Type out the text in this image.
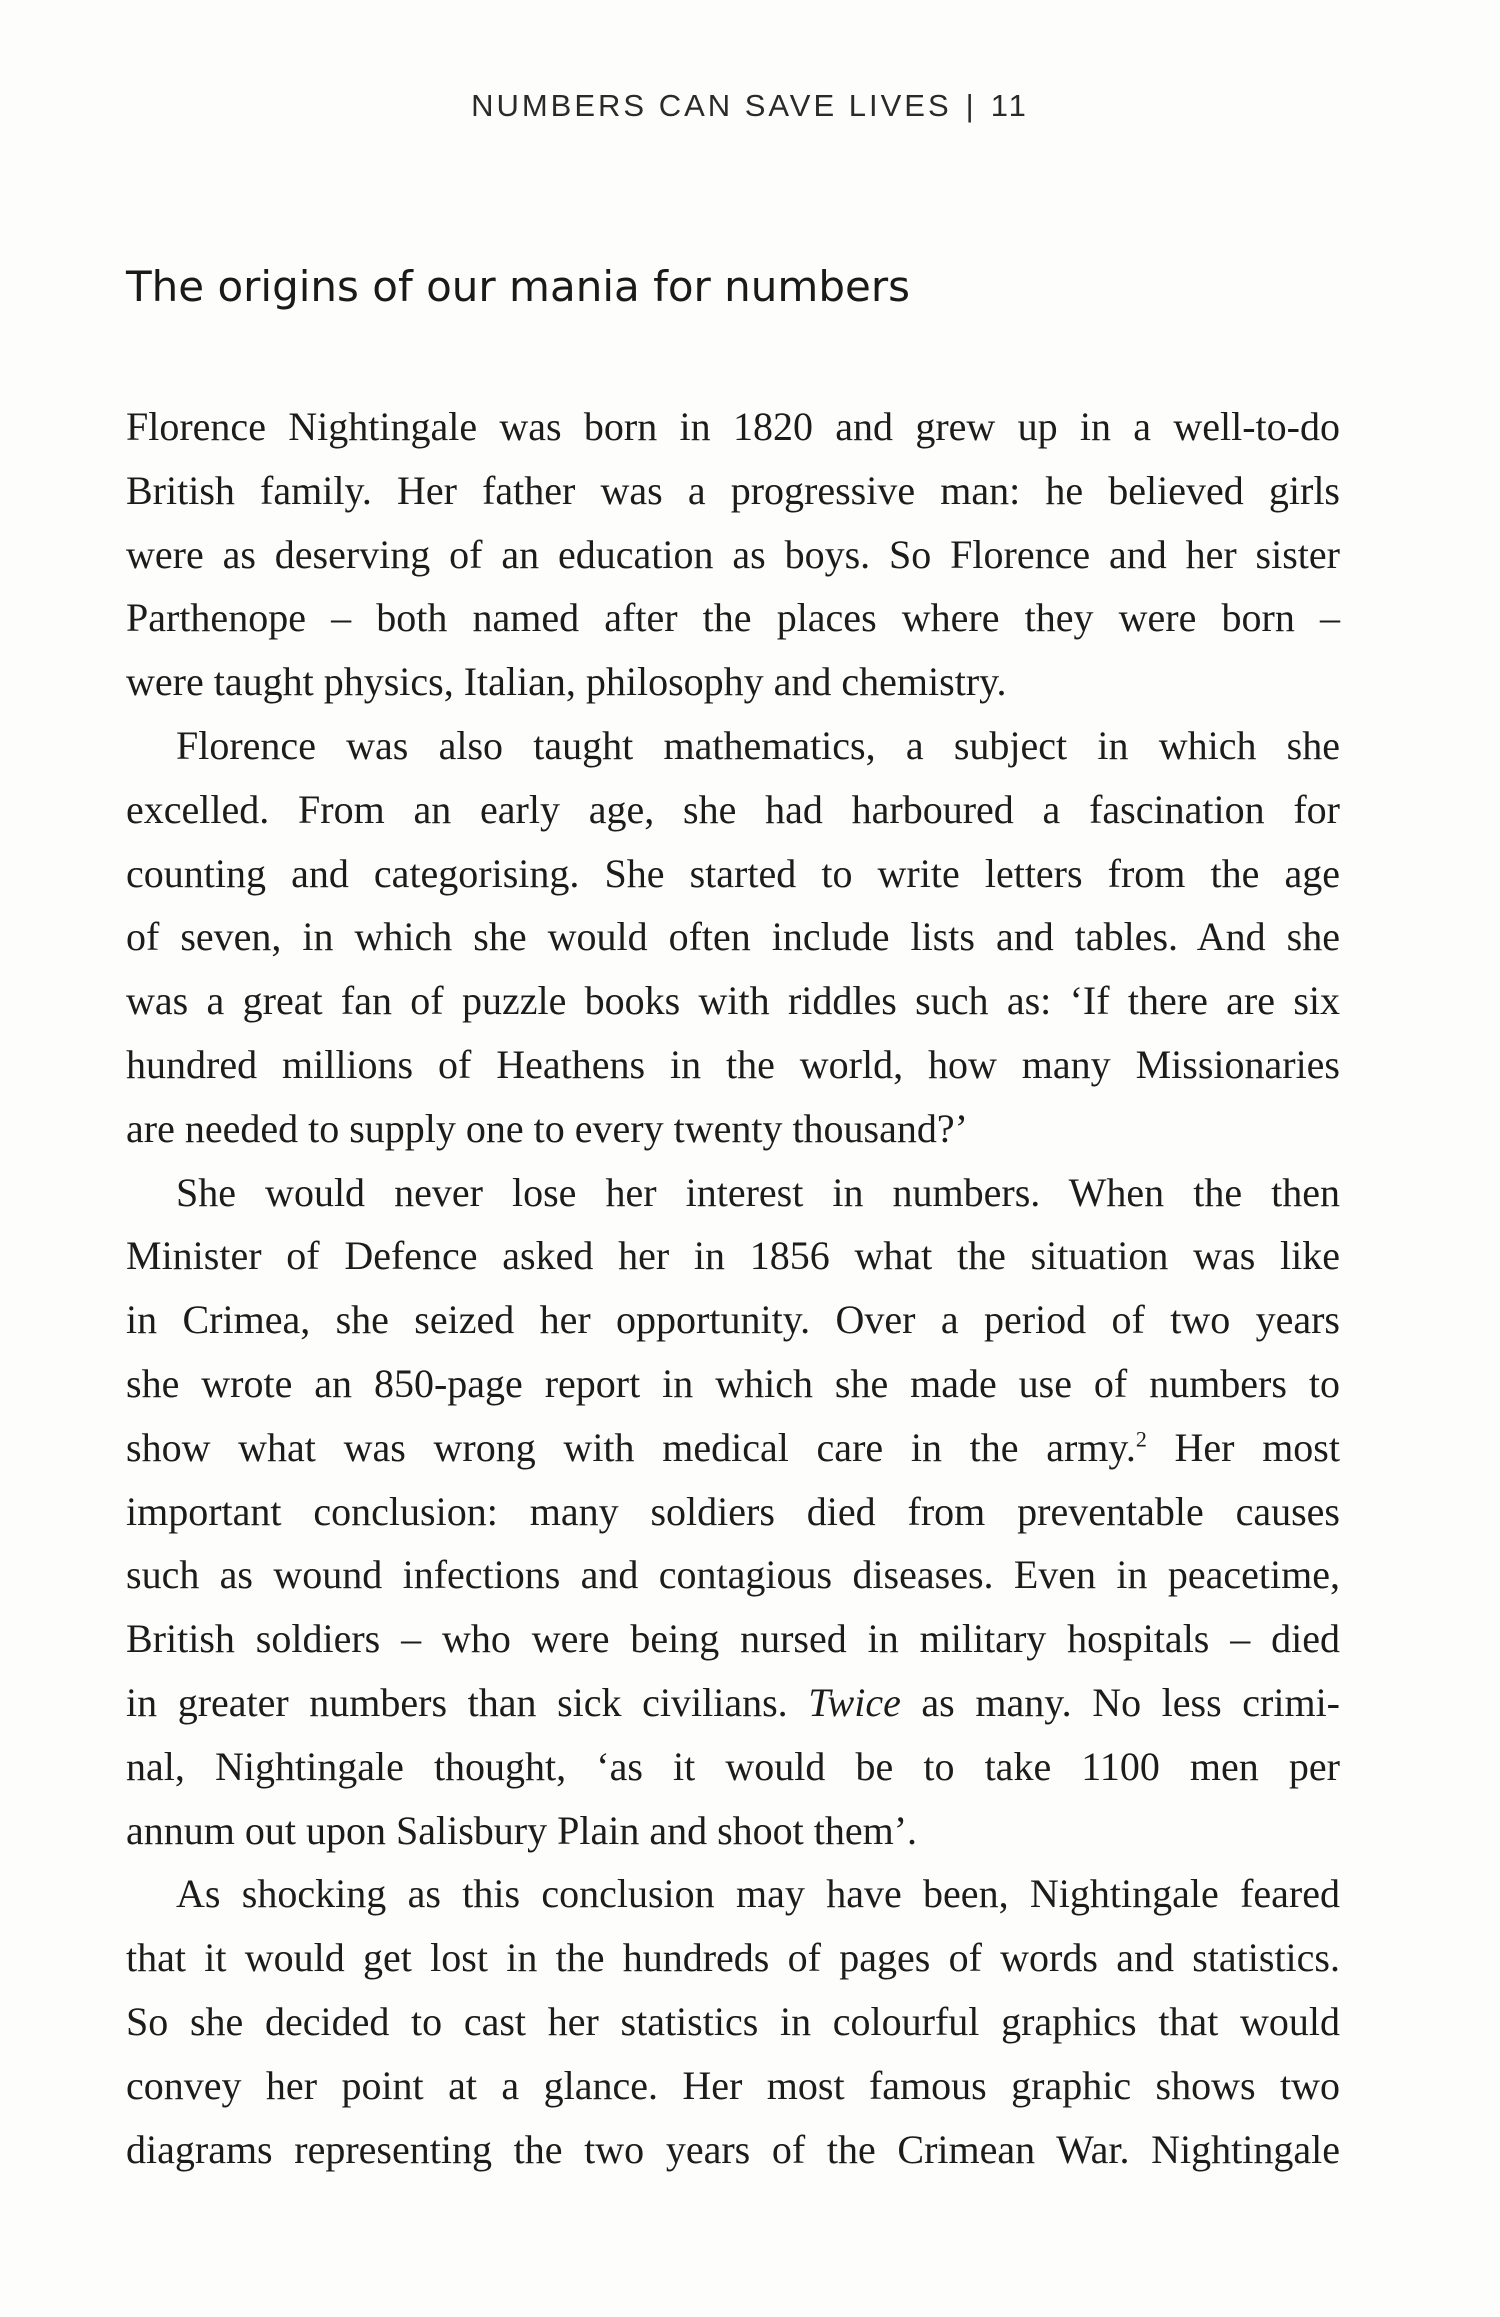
NUMBERS CAN SAVE LIVES | 11
The origins of our mania for numbers
Florence Nightingale was born in 1820 and grew up in a well-to-do
British family. Her father was a progressive man: he believed girls
were as deserving of an education as boys. So Florence and her sister
Parthenope – both named after the places where they were born –
were taught physics, Italian, philosophy and chemistry.
Florence was also taught mathematics, a subject in which she
excelled. From an early age, she had harboured a fascination for
counting and categorising. She started to write letters from the age
of seven, in which she would often include lists and tables. And she
was a great fan of puzzle books with riddles such as: ‘If there are six
hundred millions of Heathens in the world, how many Missionaries
are needed to supply one to every twenty thousand?’
She would never lose her interest in numbers. When the then
Minister of Defence asked her in 1856 what the situation was like
in Crimea, she seized her opportunity. Over a period of two years
she wrote an 850-page report in which she made use of numbers to
show what was wrong with medical care in the army.$^2$ Her most
important conclusion: many soldiers died from preventable causes
such as wound infections and contagious diseases. Even in peacetime,
British soldiers – who were being nursed in military hospitals – died
in greater numbers than sick civilians. Twice as many. No less crimi-
nal, Nightingale thought, ‘as it would be to take 1100 men per
annum out upon Salisbury Plain and shoot them’.
As shocking as this conclusion may have been, Nightingale feared
that it would get lost in the hundreds of pages of words and statistics.
So she decided to cast her statistics in colourful graphics that would
convey her point at a glance. Her most famous graphic shows two
diagrams representing the two years of the Crimean War. Nightingale
